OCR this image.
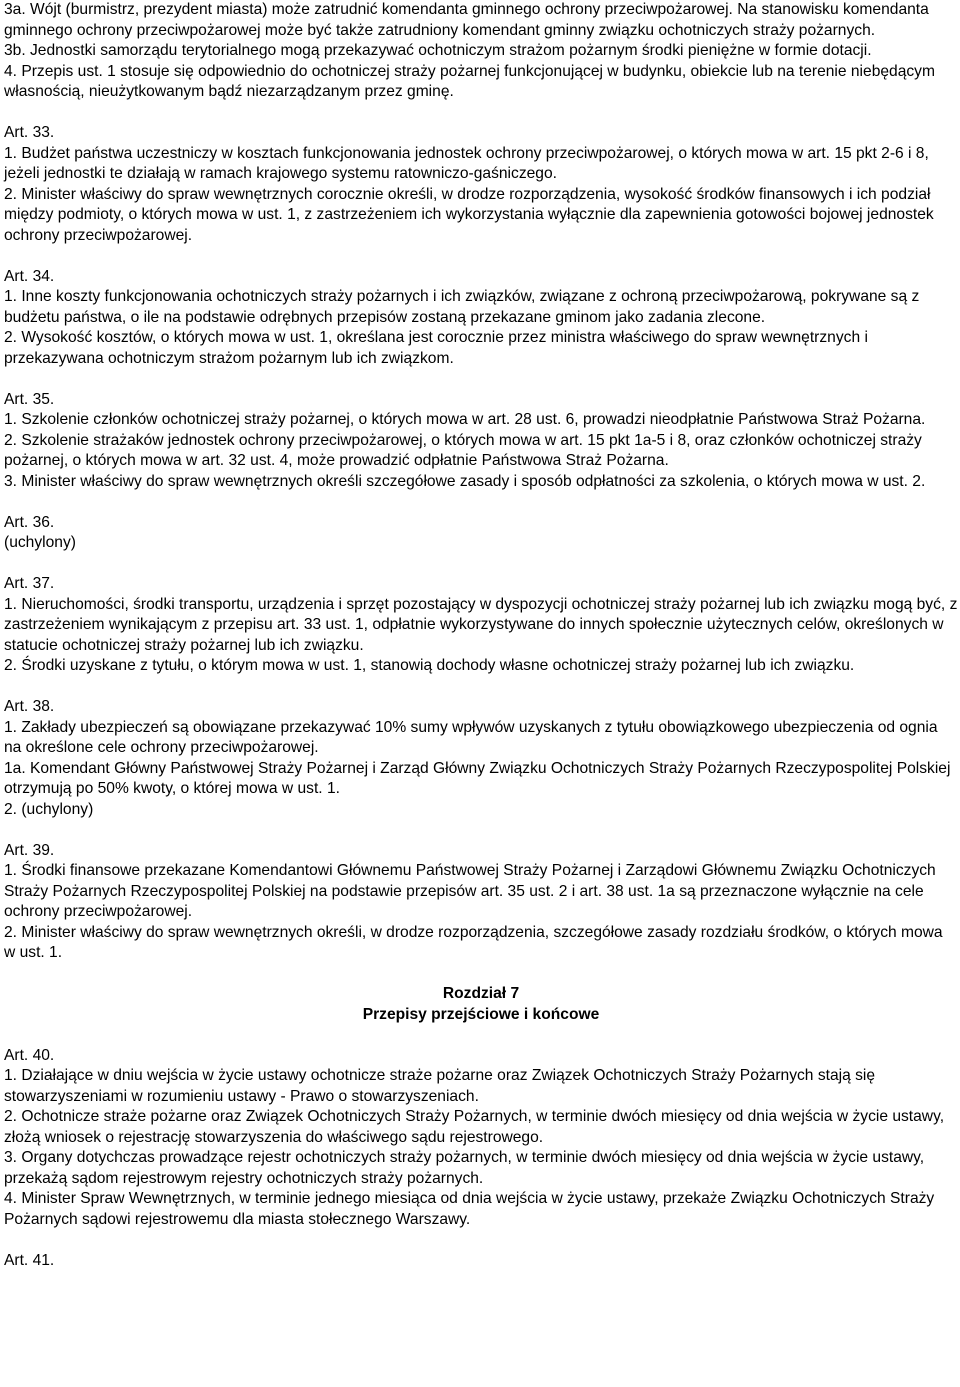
3a. Wójt (burmistrz, prezydent miasta) może zatrudnić komendanta gminnego ochrony przeciwpożarowej. Na stanowisku komendanta gminnego ochrony przeciwpożarowej może być także zatrudniony komendant gminny związku ochotniczych straży pożarnych.

3b. Jednostki samorządu terytorialnego mogą przekazywać ochotniczym strażom pożarnym środki pieniężne w formie dotacji.

4. Przepis ust. 1 stosuje się odpowiednio do ochotniczej straży pożarnej funkcjonującej w budynku, obiekcie lub na terenie niebędącym własnością, nieużytkowanym bądź niezarządzanym przez gminę.

Art. 33.

1. Budżet państwa uczestniczy w kosztach funkcjonowania jednostek ochrony przeciwpożarowej, o których mowa w art. 15 pkt 2-6 i 8, jeżeli jednostki te działają w ramach krajowego systemu ratowniczo-gaśniczego.

2. Minister właściwy do spraw wewnętrznych corocznie określi, w drodze rozporządzenia, wysokość środków finansowych i ich podział między podmioty, o których mowa w ust. 1, z zastrzeżeniem ich wykorzystania wyłącznie dla zapewnienia gotowości bojowej jednostek ochrony przeciwpożarowej.

Art. 34.

1. Inne koszty funkcjonowania ochotniczych straży pożarnych i ich związków, związane z ochroną przeciwpożarową, pokrywane są z budżetu państwa, o ile na podstawie odrębnych przepisów zostaną przekazane gminom jako zadania zlecone.

2. Wysokość kosztów, o których mowa w ust. 1, określana jest corocznie przez ministra właściwego do spraw wewnętrznych i przekazywana ochotniczym strażom pożarnym lub ich związkom.

Art. 35.

1. Szkolenie członków ochotniczej straży pożarnej, o których mowa w art. 28 ust. 6, prowadzi nieodpłatnie Państwowa Straż Pożarna.

2. Szkolenie strażaków jednostek ochrony przeciwpożarowej, o których mowa w art. 15 pkt 1a-5 i 8, oraz członków ochotniczej straży pożarnej, o których mowa w art. 32 ust. 4, może prowadzić odpłatnie Państwowa Straż Pożarna.

3. Minister właściwy do spraw wewnętrznych określi szczegółowe zasady i sposób odpłatności za szkolenia, o których mowa w ust. 2.

Art. 36.

(uchylony)

Art. 37.

1. Nieruchomości, środki transportu, urządzenia i sprzęt pozostający w dyspozycji ochotniczej straży pożarnej lub ich związku mogą być, z zastrzeżeniem wynikającym z przepisu art. 33 ust. 1, odpłatnie wykorzystywane do innych społecznie użytecznych celów, określonych w statucie ochotniczej straży pożarnej lub ich związku.

2. Środki uzyskane z tytułu, o którym mowa w ust. 1, stanowią dochody własne ochotniczej straży pożarnej lub ich związku.

Art. 38.

1. Zakłady ubezpieczeń są obowiązane przekazywać 10% sumy wpływów uzyskanych z tytułu obowiązkowego ubezpieczenia od ognia na określone cele ochrony przeciwpożarowej.

1a. Komendant Główny Państwowej Straży Pożarnej i Zarząd Główny Związku Ochotniczych Straży Pożarnych Rzeczypospolitej Polskiej otrzymują po 50% kwoty, o której mowa w ust. 1.

2. (uchylony)

Art. 39.

1. Środki finansowe przekazane Komendantowi Głównemu Państwowej Straży Pożarnej i Zarządowi Głównemu Związku Ochotniczych Straży Pożarnych Rzeczypospolitej Polskiej na podstawie przepisów art. 35 ust. 2 i art. 38 ust. 1a są przeznaczone wyłącznie na cele ochrony przeciwpożarowej.

2. Minister właściwy do spraw wewnętrznych określi, w drodze rozporządzenia, szczegółowe zasady rozdziału środków, o których mowa w ust. 1.

Rozdział 7

Przepisy przejściowe i końcowe

Art. 40.

1. Działające w dniu wejścia w życie ustawy ochotnicze straże pożarne oraz Związek Ochotniczych Straży Pożarnych stają się stowarzyszeniami w rozumieniu ustawy - Prawo o stowarzyszeniach.

2. Ochotnicze straże pożarne oraz Związek Ochotniczych Straży Pożarnych, w terminie dwóch miesięcy od dnia wejścia w życie ustawy, złożą wniosek o rejestrację stowarzyszenia do właściwego sądu rejestrowego.

3. Organy dotychczas prowadzące rejestr ochotniczych straży pożarnych, w terminie dwóch miesięcy od dnia wejścia w życie ustawy, przekażą sądom rejestrowym rejestry ochotniczych straży pożarnych.

4. Minister Spraw Wewnętrznych, w terminie jednego miesiąca od dnia wejścia w życie ustawy, przekaże Związku Ochotniczych Straży Pożarnych sądowi rejestrowemu dla miasta stołecznego Warszawy.

Art. 41.
